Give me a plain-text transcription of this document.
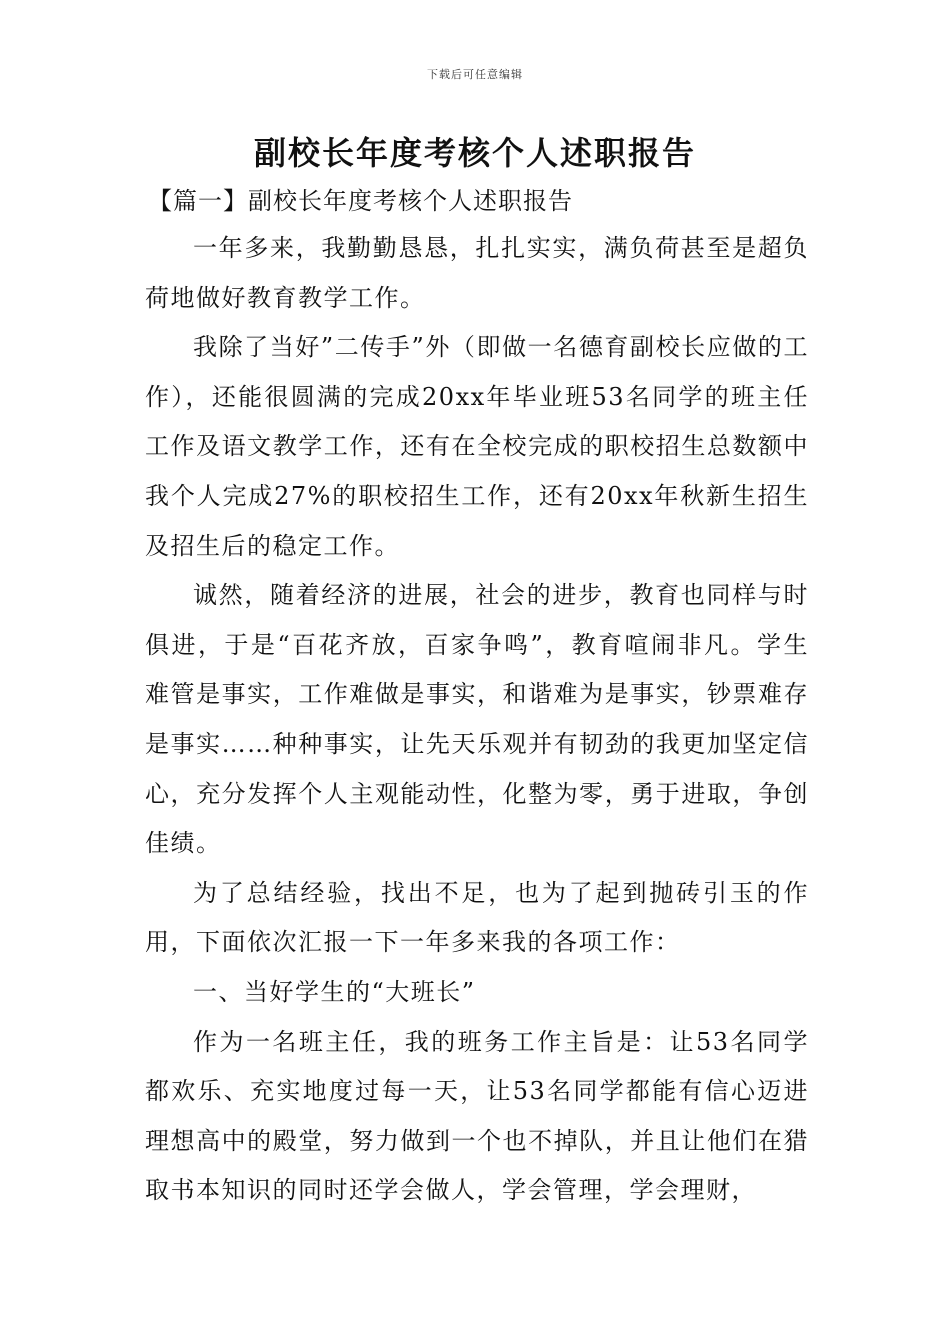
下载后可任意编辑
副校长年度考核个人述职报告
【篇一】副校长年度考核个人述职报告

一年多来，我勤勤恳恳，扎扎实实，满负荷甚至是超负荷地做好教育教学工作。

我除了当好”二传手”外（即做一名德育副校长应做的工作），还能很圆满的完成20xx年毕业班53名同学的班主任工作及语文教学工作，还有在全校完成的职校招生总数额中我个人完成27%的职校招生工作，还有20xx年秋新生招生及招生后的稳定工作。

诚然，随着经济的进展，社会的进步，教育也同样与时俱进，于是“百花齐放，百家争鸣”，教育喧闹非凡。学生难管是事实，工作难做是事实，和谐难为是事实，钞票难存是事实……种种事实，让先天乐观并有韧劲的我更加坚定信心，充分发挥个人主观能动性，化整为零，勇于进取，争创佳绩。

为了总结经验，找出不足，也为了起到抛砖引玉的作用，下面依次汇报一下一年多来我的各项工作：

一、当好学生的“大班长”

作为一名班主任，我的班务工作主旨是：让53名同学都欢乐、充实地度过每一天，让53名同学都能有信心迈进理想高中的殿堂，努力做到一个也不掉队，并且让他们在猎取书本知识的同时还学会做人，学会管理，学会理财，
